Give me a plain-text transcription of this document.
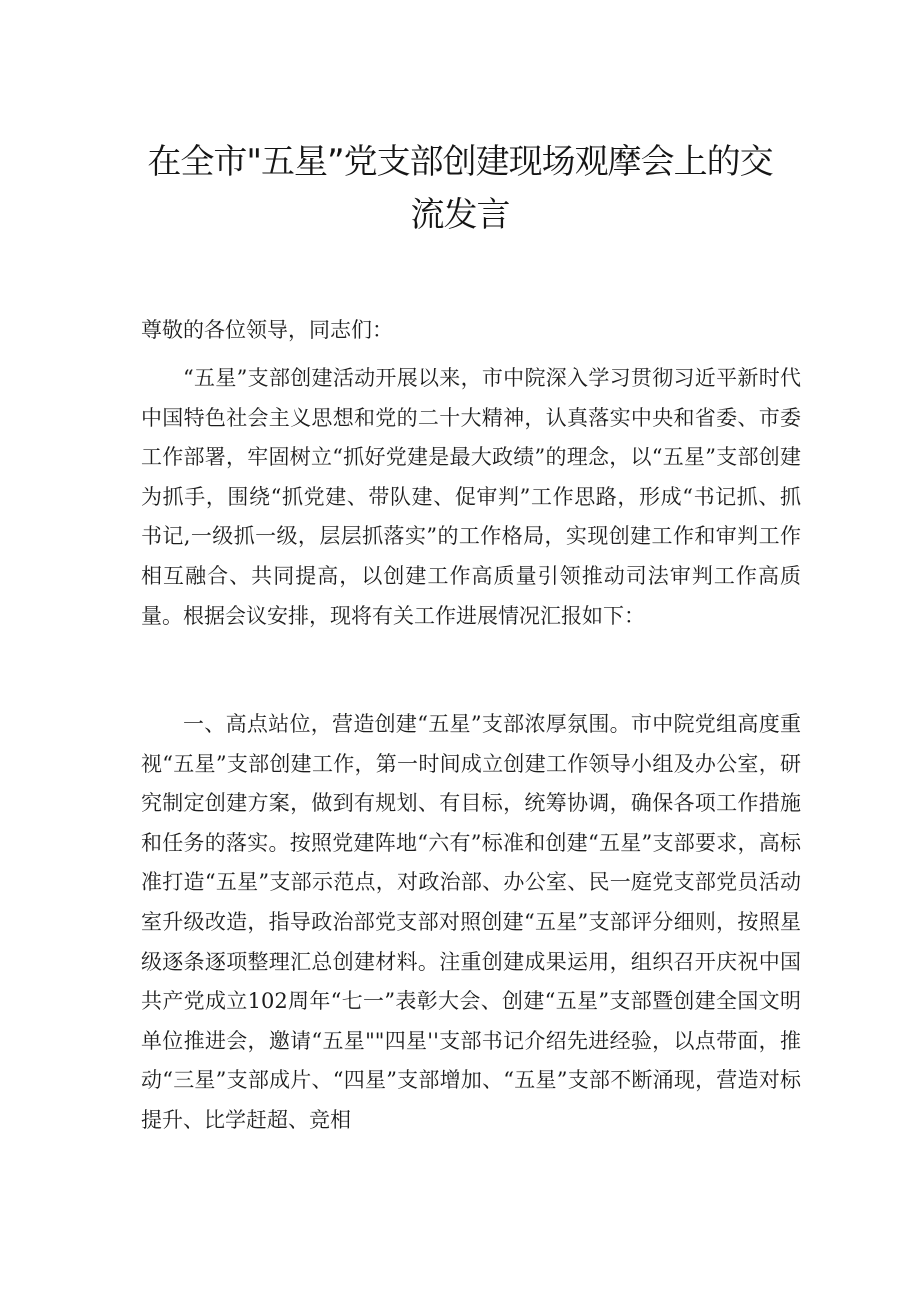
在全市"五星”党支部创建现场观摩会上的交
流发言
尊敬的各位领导，同志们：

“五星”支部创建活动开展以来，市中院深入学习贯彻习近平新时代中国特色社会主义思想和党的二十大精神，认真落实中央和省委、市委工作部署，牢固树立“抓好党建是最大政绩”的理念，以“五星”支部创建为抓手，围绕“抓党建、带队建、促审判”工作思路，形成“书记抓、抓书记,一级抓一级，层层抓落实”的工作格局，实现创建工作和审判工作相互融合、共同提高，以创建工作高质量引领推动司法审判工作高质量。根据会议安排，现将有关工作进展情况汇报如下：

一、高点站位，营造创建“五星”支部浓厚氛围。市中院党组高度重视“五星”支部创建工作，第一时间成立创建工作领导小组及办公室，研究制定创建方案，做到有规划、有目标，统筹协调，确保各项工作措施和任务的落实。按照党建阵地“六有”标准和创建“五星”支部要求，高标准打造“五星”支部示范点，对政治部、办公室、民一庭党支部党员活动室升级改造，指导政治部党支部对照创建“五星”支部评分细则，按照星级逐条逐项整理汇总创建材料。注重创建成果运用，组织召开庆祝中国共产党成立102周年“七一”表彰大会、创建“五星”支部暨创建全国文明单位推进会，邀请“五星""四星''支部书记介绍先进经验，以点带面，推动“三星”支部成片、“四星”支部增加、“五星”支部不断涌现，营造对标提升、比学赶超、竞相
